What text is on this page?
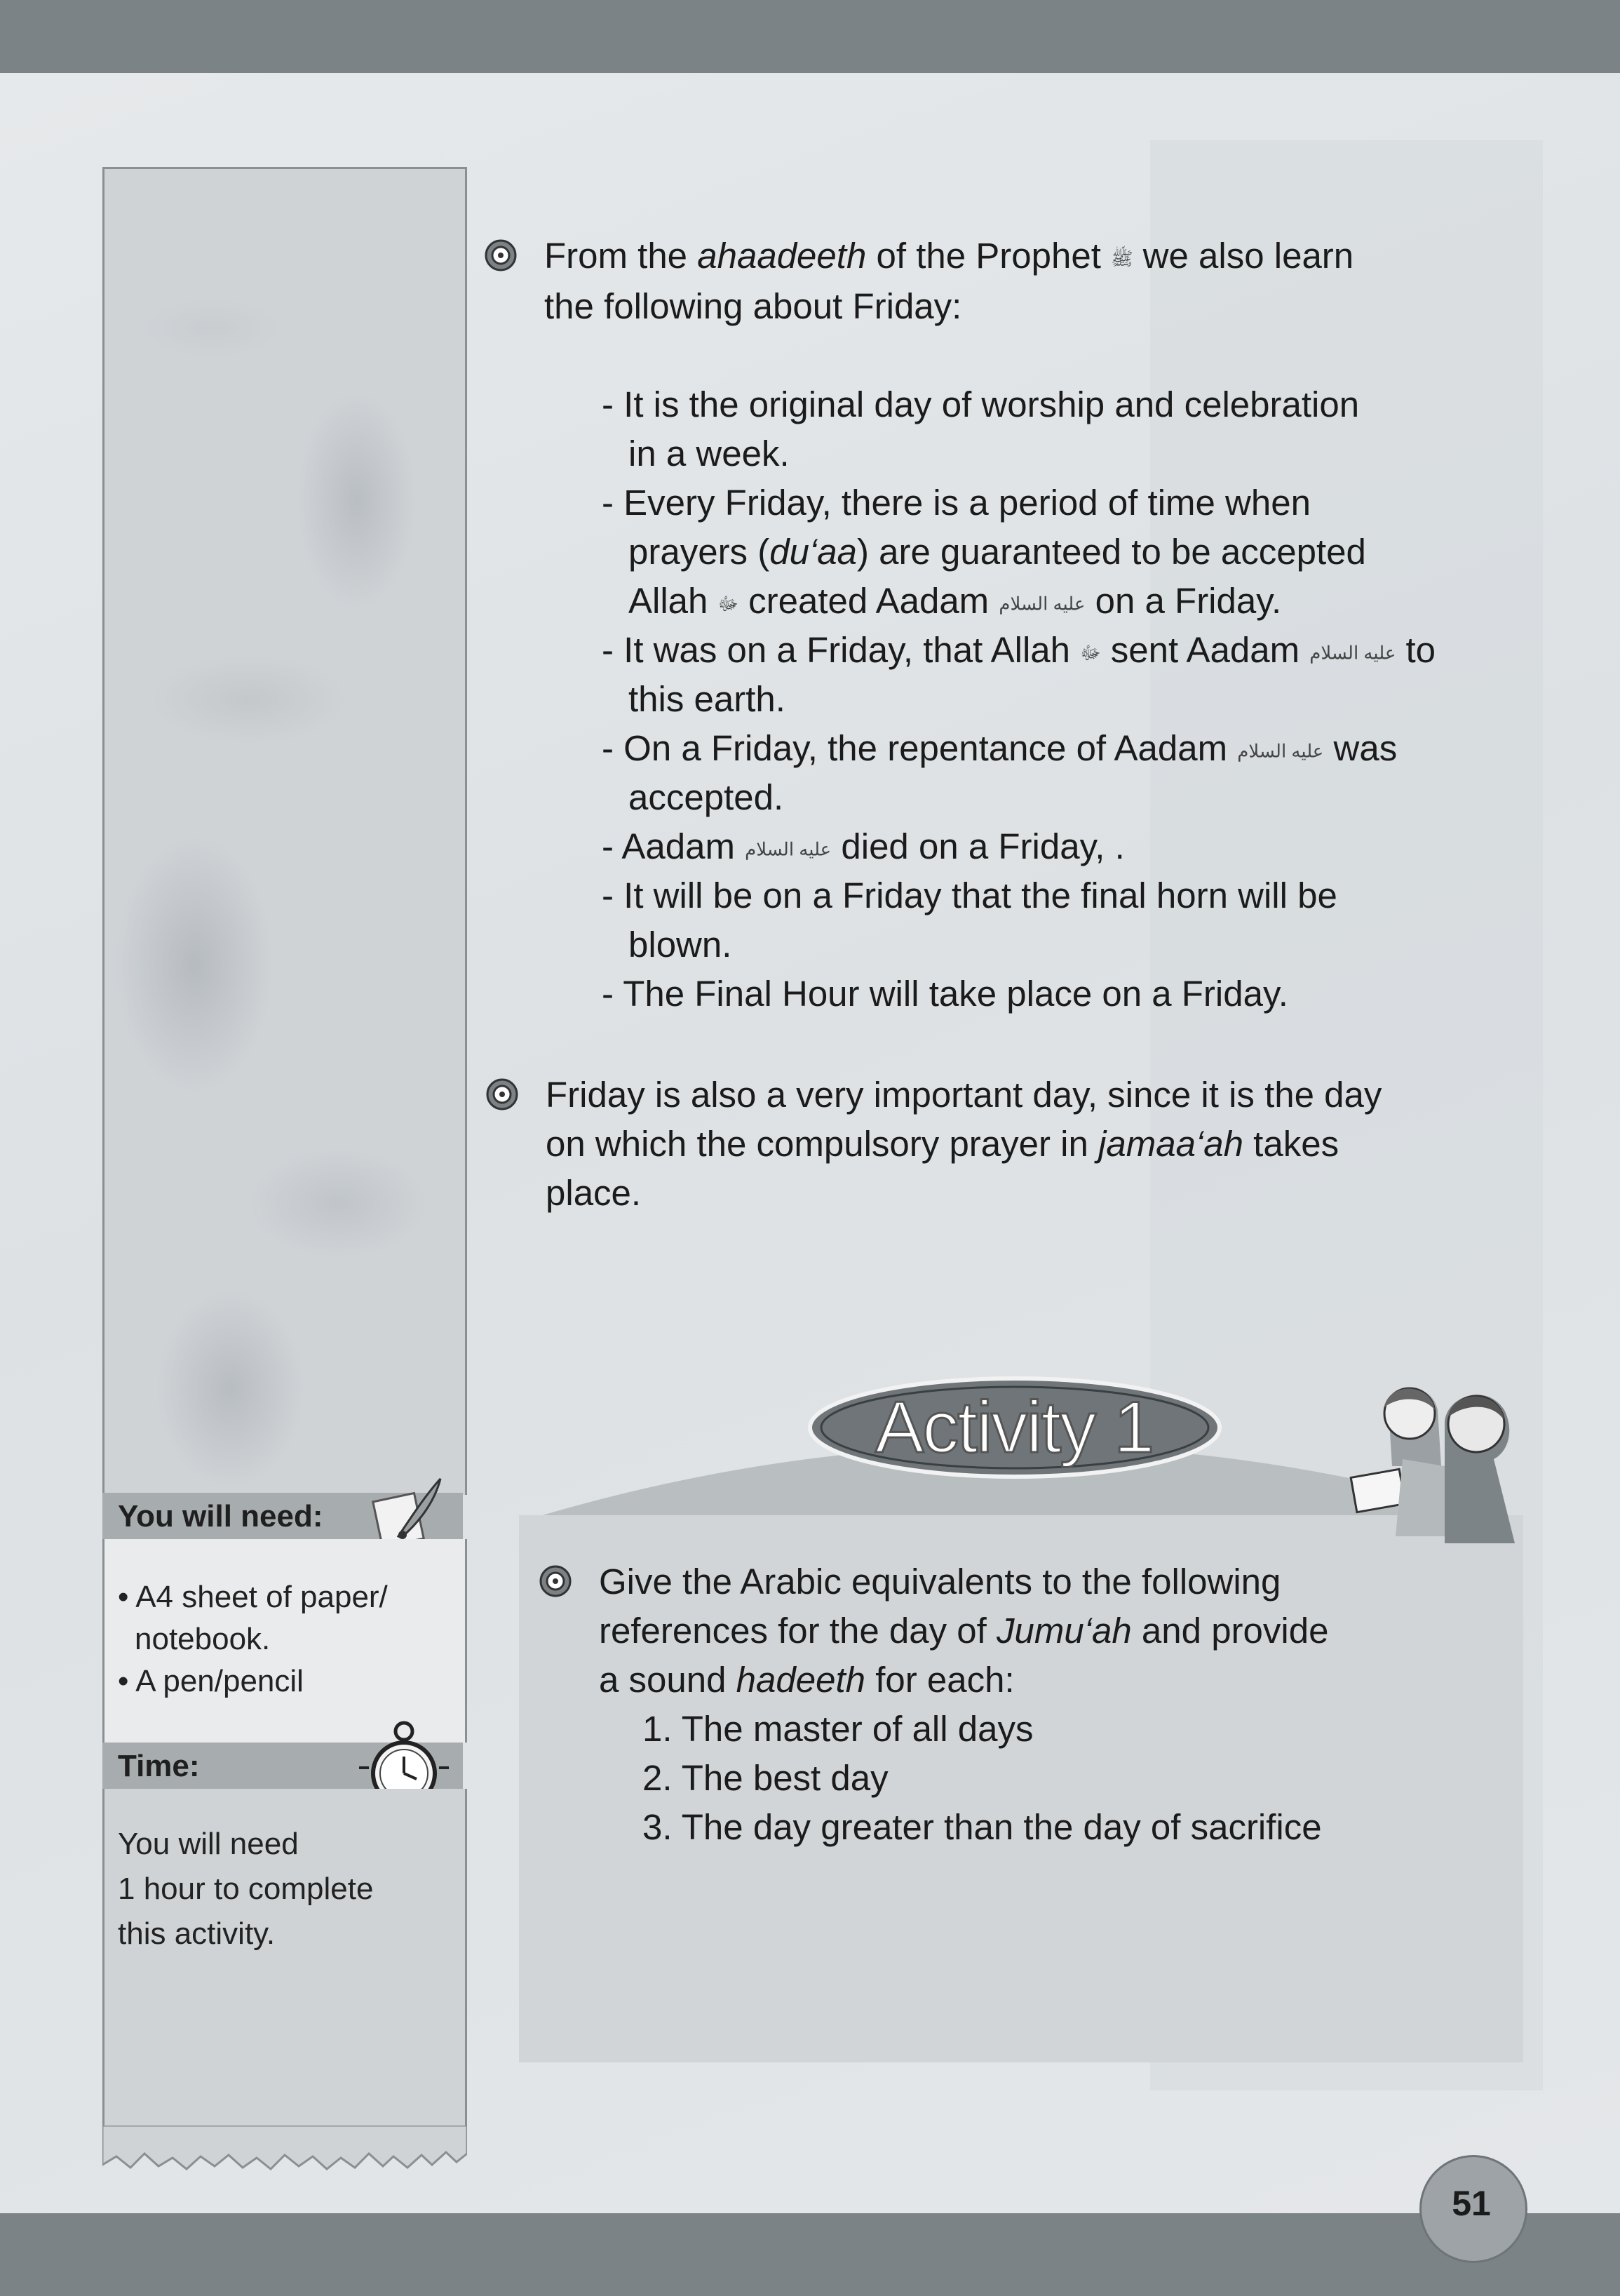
You will need:
• A4 sheet of paper/
notebook.
• A pen/pencil
Time:
You will need
1 hour to complete
this activity.
From the ahaadeeth of the Prophet ﷺ we also learn
the following about Friday:
- It is the original day of worship and celebration
in a week.
- Every Friday, there is a period of time when
prayers (du‘aa) are guaranteed to be accepted
Allah ﷻ created Aadam عليه السلام on a Friday.
- It was on a Friday, that Allah ﷻ sent Aadam عليه السلام to
this earth.
- On a Friday, the repentance of Aadam عليه السلام was
accepted.
- Aadam عليه السلام died on a Friday, .
- It will be on a Friday that the final horn will be
blown.
- The Final Hour will take place on a Friday.
Friday is also a very important day, since it is the day
on which the compulsory prayer in jamaa‘ah takes
place.
Activity 1
Give the Arabic equivalents to the following
references for the day of Jumu‘ah and provide
a sound hadeeth for each:
1. The master of all days
2. The best day
3. The day greater than the day of sacrifice
51
